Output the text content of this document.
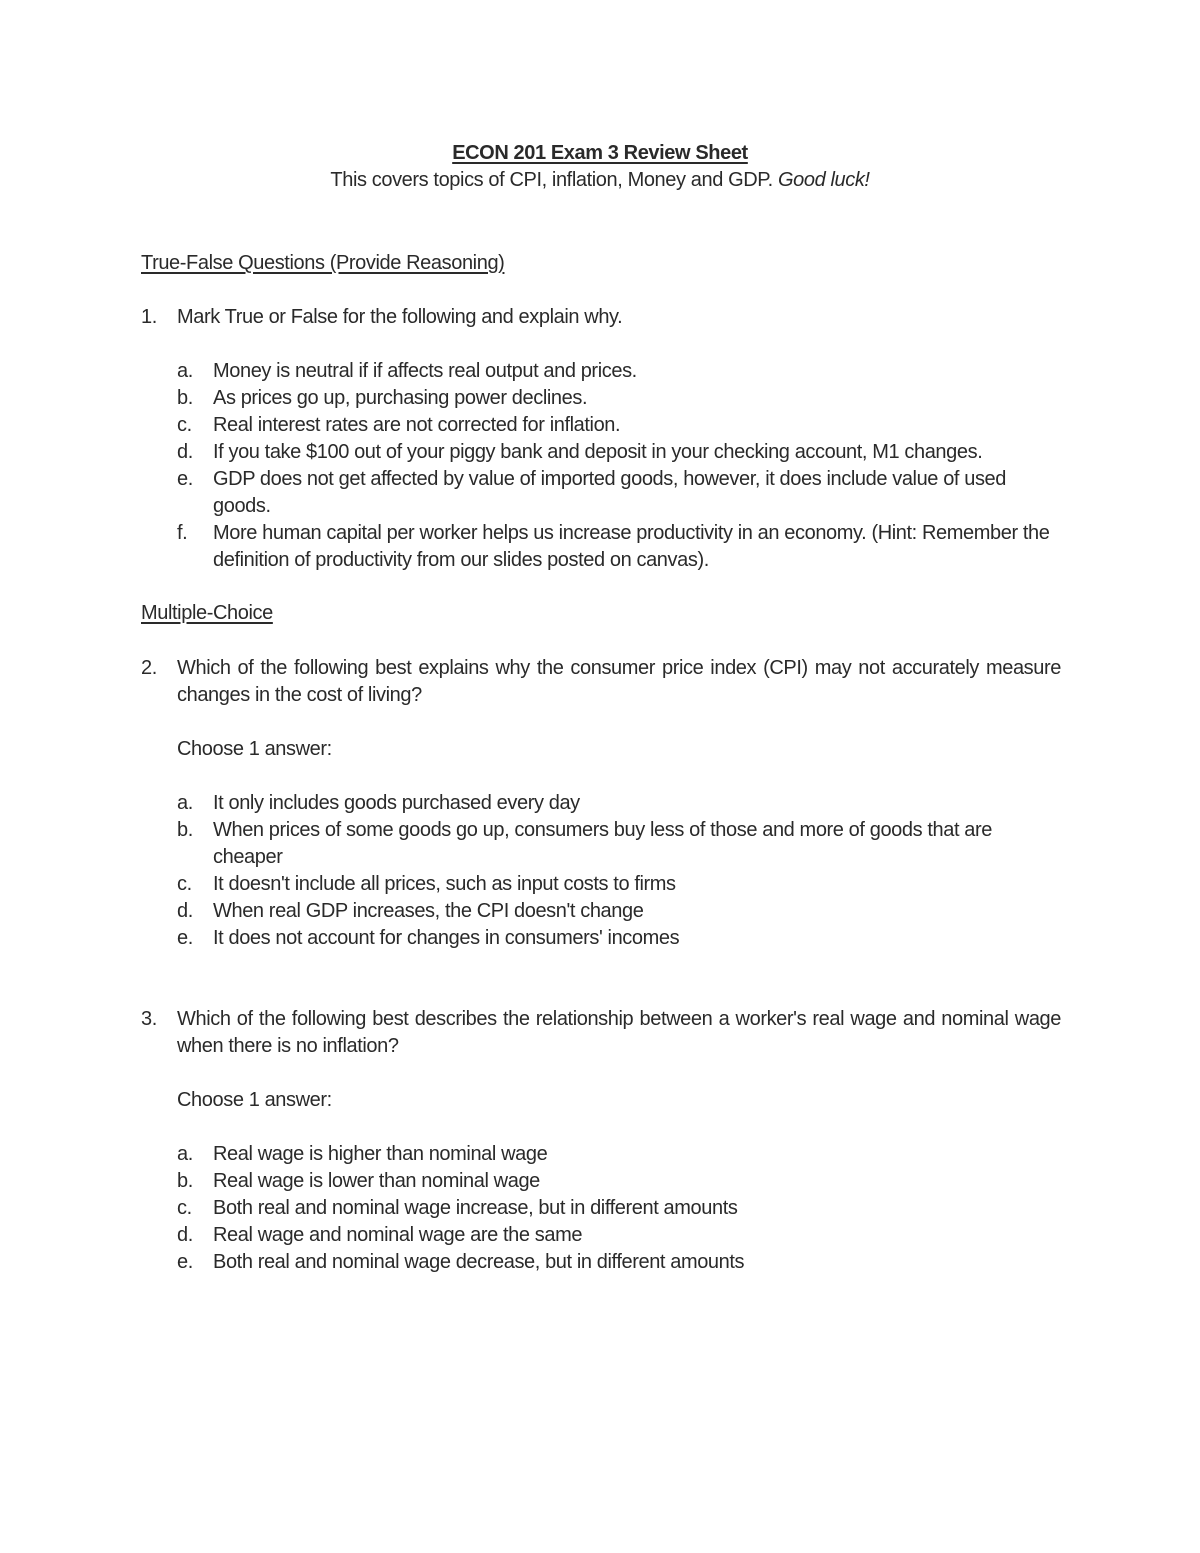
ECON 201 Exam 3 Review Sheet
This covers topics of CPI, inflation, Money and GDP. Good luck!
True-False Questions (Provide Reasoning)
1.	Mark True or False for the following and explain why.
a.	Money is neutral if if affects real output and prices.
b.	As prices go up, purchasing power declines.
c.	Real interest rates are not corrected for inflation.
d.	If you take $100 out of your piggy bank and deposit in your checking account, M1 changes.
e.	GDP does not get affected by value of imported goods, however, it does include value of used goods.
f.	More human capital per worker helps us increase productivity in an economy. (Hint: Remember the definition of productivity from our slides posted on canvas).
Multiple-Choice
2.	Which of the following best explains why the consumer price index (CPI) may not accurately measure changes in the cost of living?
Choose 1 answer:
a.	It only includes goods purchased every day
b.	When prices of some goods go up, consumers buy less of those and more of goods that are cheaper
c.	It doesn't include all prices, such as input costs to firms
d.	When real GDP increases, the CPI doesn't change
e.	It does not account for changes in consumers' incomes
3.	Which of the following best describes the relationship between a worker's real wage and nominal wage when there is no inflation?
Choose 1 answer:
a.	Real wage is higher than nominal wage
b.	Real wage is lower than nominal wage
c.	Both real and nominal wage increase, but in different amounts
d.	Real wage and nominal wage are the same
e.	Both real and nominal wage decrease, but in different amounts
